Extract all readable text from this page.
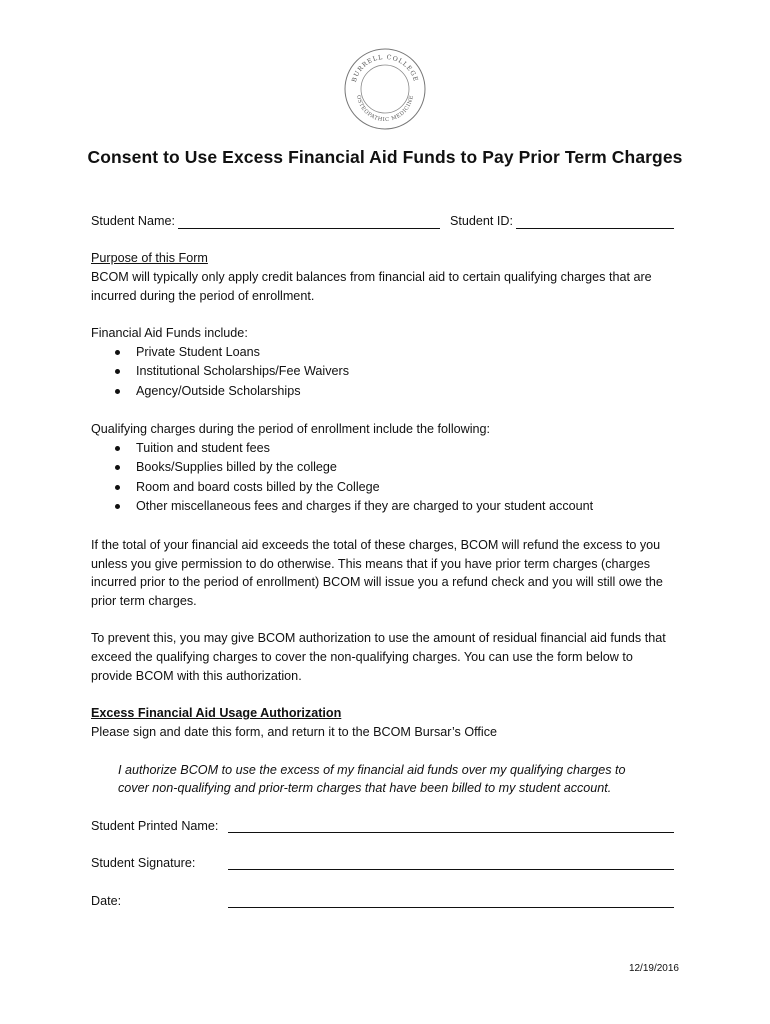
BURRELL COLLEGE
OSTEOPATHIC MEDICINE
Consent to Use Excess Financial Aid Funds to Pay Prior Term Charges
Student Name:	Student ID:
Purpose of this Form
BCOM will typically only apply credit balances from financial aid to certain qualifying charges that are
incurred during the period of enrollment.
Financial Aid Funds include:
Private Student Loans
Institutional Scholarships/Fee Waivers
Agency/Outside Scholarships
Qualifying charges during the period of enrollment include the following:
Tuition and student fees
Books/Supplies billed by the college
Room and board costs billed by the College
Other miscellaneous fees and charges if they are charged to your student account
If the total of your financial aid exceeds the total of these charges, BCOM will refund the excess to you
unless you give permission to do otherwise. This means that if you have prior term charges (charges
incurred prior to the period of enrollment) BCOM will issue you a refund check and you will still owe the
prior term charges.
To prevent this, you may give BCOM authorization to use the amount of residual financial aid funds that
exceed the qualifying charges to cover the non-qualifying charges. You can use the form below to
provide BCOM with this authorization.
Excess Financial Aid Usage Authorization
Please sign and date this form, and return it to the BCOM Bursar’s Office
I authorize BCOM to use the excess of my financial aid funds over my qualifying charges to
cover non-qualifying and prior-term charges that have been billed to my student account.
Student Printed Name:
Student Signature:
Date:
12/19/2016
